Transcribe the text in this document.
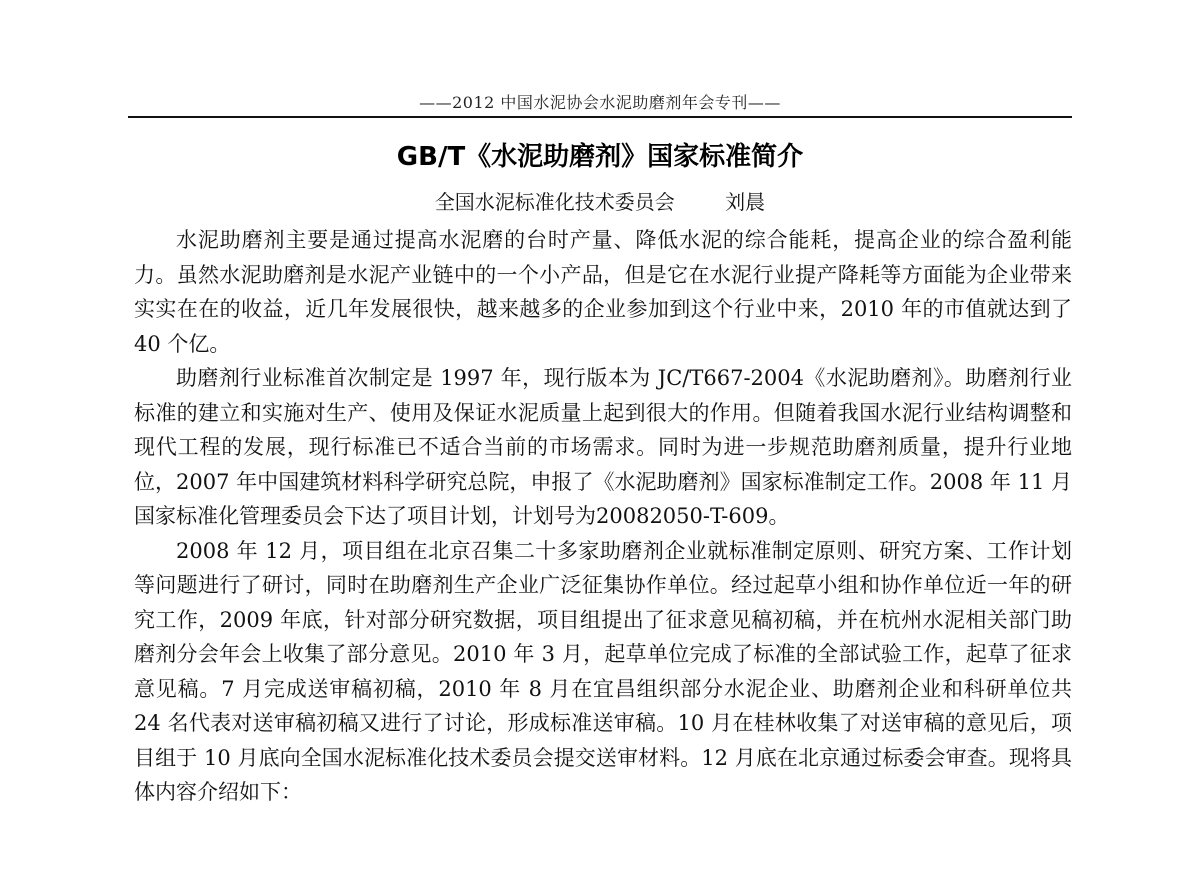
——2012 中国水泥协会水泥助磨剂年会专刊——
GB/T《水泥助磨剂》国家标准简介
全国水泥标准化技术委员会	刘晨

水泥助磨剂主要是通过提高水泥磨的台时产量、降低水泥的综合能耗，提高企业的综合盈利能力。虽然水泥助磨剂是水泥产业链中的一个小产品，但是它在水泥行业提产降耗等方面能为企业带来实实在在的收益，近几年发展很快，越来越多的企业参加到这个行业中来，2010 年的市值就达到了 40 个亿。

助磨剂行业标准首次制定是 1997 年，现行版本为 JC/T667-2004《水泥助磨剂》。助磨剂行业标准的建立和实施对生产、使用及保证水泥质量上起到很大的作用。但随着我国水泥行业结构调整和现代工程的发展，现行标准已不适合当前的市场需求。同时为进一步规范助磨剂质量，提升行业地位，2007 年中国建筑材料科学研究总院，申报了《水泥助磨剂》国家标准制定工作。2008 年 11 月国家标准化管理委员会下达了项目计划，计划号为20082050-T-609。

2008 年 12 月，项目组在北京召集二十多家助磨剂企业就标准制定原则、研究方案、工作计划等问题进行了研讨，同时在助磨剂生产企业广泛征集协作单位。经过起草小组和协作单位近一年的研究工作，2009 年底，针对部分研究数据，项目组提出了征求意见稿初稿，并在杭州水泥相关部门助磨剂分会年会上收集了部分意见。2010 年 3 月，起草单位完成了标准的全部试验工作，起草了征求意见稿。7 月完成送审稿初稿，2010 年 8 月在宜昌组织部分水泥企业、助磨剂企业和科研单位共 24 名代表对送审稿初稿又进行了讨论，形成标准送审稿。10 月在桂林收集了对送审稿的意见后，项目组于 10 月底向全国水泥标准化技术委员会提交送审材料。12 月底在北京通过标委会审查。现将具体内容介绍如下：
